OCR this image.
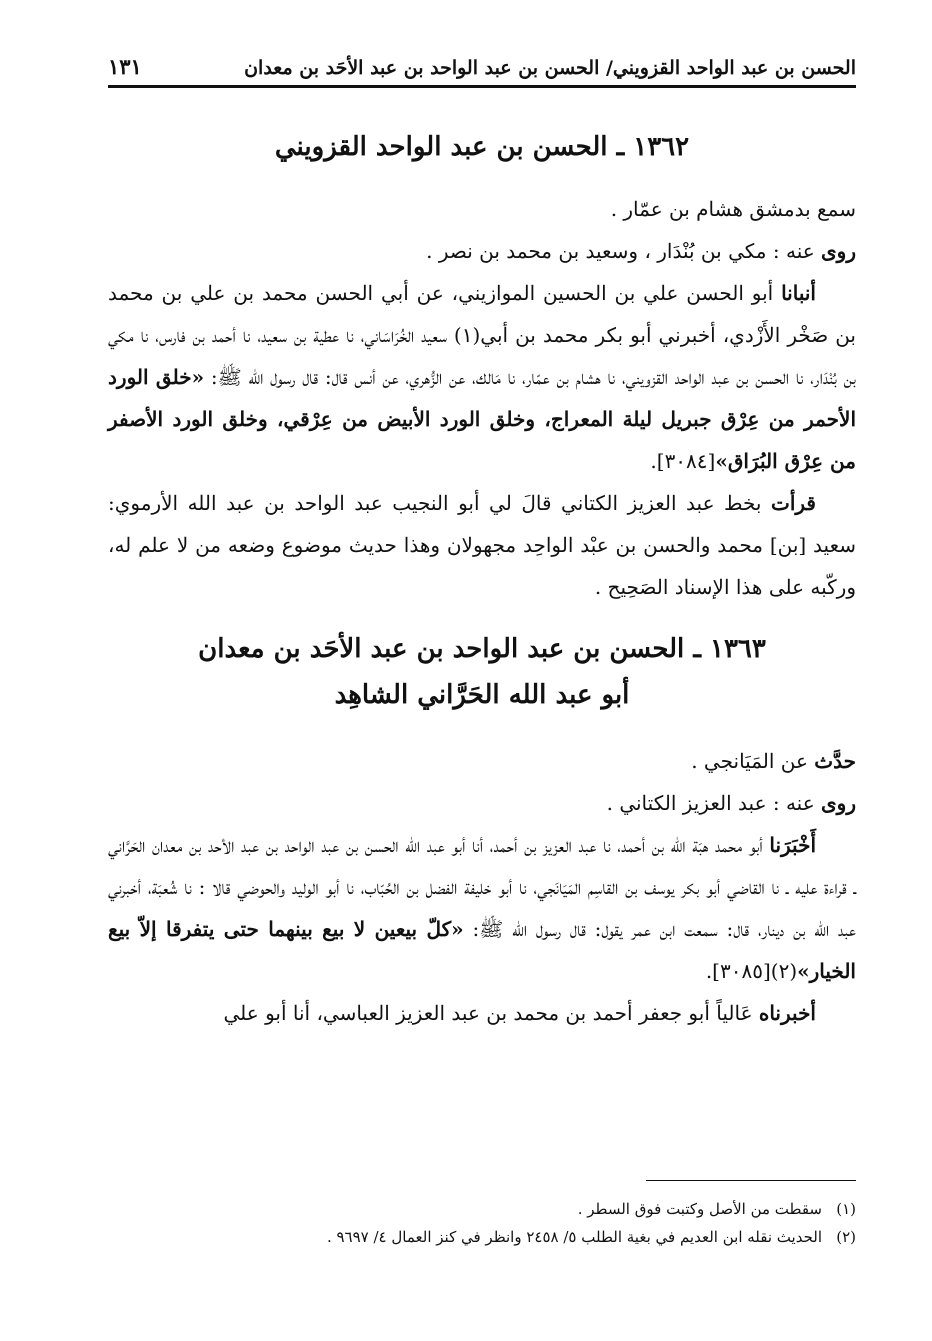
الحسن بن عبد الواحد القزويني/ الحسن بن عبد الواحد بن عبد الأحَد بن معدان
١٣١
١٣٦٢ ـ الحسن بن عبد الواحد القزويني

سمع بدمشق هشام بن عمّار .

روى عنه : مكي بن بُنْدَار ، وسعيد بن محمد بن نصر .

أنبانا أبو الحسن علي بن الحسين الموازيني، عن أبي الحسن محمد بن علي بن محمد بن صَخْر الأَزْدي، أخبرني أبو بكر محمد بن أبي(١) سعيد الخُرَاسَاني، نا عطية بن سعيد، نا أحمد بن فارس، نا مكي بن بُنْدَار، نا الحسن بن عبد الواحد القزويني، نا هشام بن عمّار، نا مَالك، عن الزُّهري، عن أنس قال: قال رسول الله ﷺ: «خلق الورد الأحمر من عِرْق جبريل ليلة المعراج، وخلق الورد الأبيض من عِرْقي، وخلق الورد الأصفر من عِرْق البُرَاق»[٣٠٨٤].

قرأت بخط عبد العزيز الكتاني قالَ لي أبو النجيب عبد الواحد بن عبد الله الأرموي: سعيد [بن] محمد والحسن بن عبْد الواحِد مجهولان وهذا حديث موضوع وضعه من لا علم له، وركّبه على هذا الإسناد الصَحِيح .

١٣٦٣ ـ الحسن بن عبد الواحد بن عبد الأحَد بن معدان
أبو عبد الله الحَرَّاني الشاهِد

حدَّث عن المَيَانجي .

روى عنه : عبد العزيز الكتاني .

أَخْبَرَنا أبو محمد هبَة اللّه بن أحمد، نا عبد العزيز بن أحمد، أنا أبو عبد الله الحسن بن عبد الواحد بن عبد الأحد بن معدان الحَرَّاني ـ قراءة عليه ـ نا القاضي أبو بكر يوسف بن القاسِم المَيَانَجي، نا أبو خليفة الفضل بن الحُبّاب، نا أبو الوليد والحوضي قالا : نا شُعبَة، أخبرني عبد اللّه بن دينار، قال: سمعت ابن عمر يقول: قال رسول الله ﷺ: «كلّ بيعين لا بيع بينهما حتى يتفرقا إلاّ بيع الخيار»(٢)[٣٠٨٥].

أخبرناه عَالياً أبو جعفر أحمد بن محمد بن عبد العزيز العباسي، أنا أبو علي

(١)سقطت من الأصل وكتبت فوق السطر .

(٢)الحديث نقله ابن العديم في بغية الطلب ٥/ ٢٤٥٨ وانظر في كنز العمال ٤/ ٩٦٩٧ .
